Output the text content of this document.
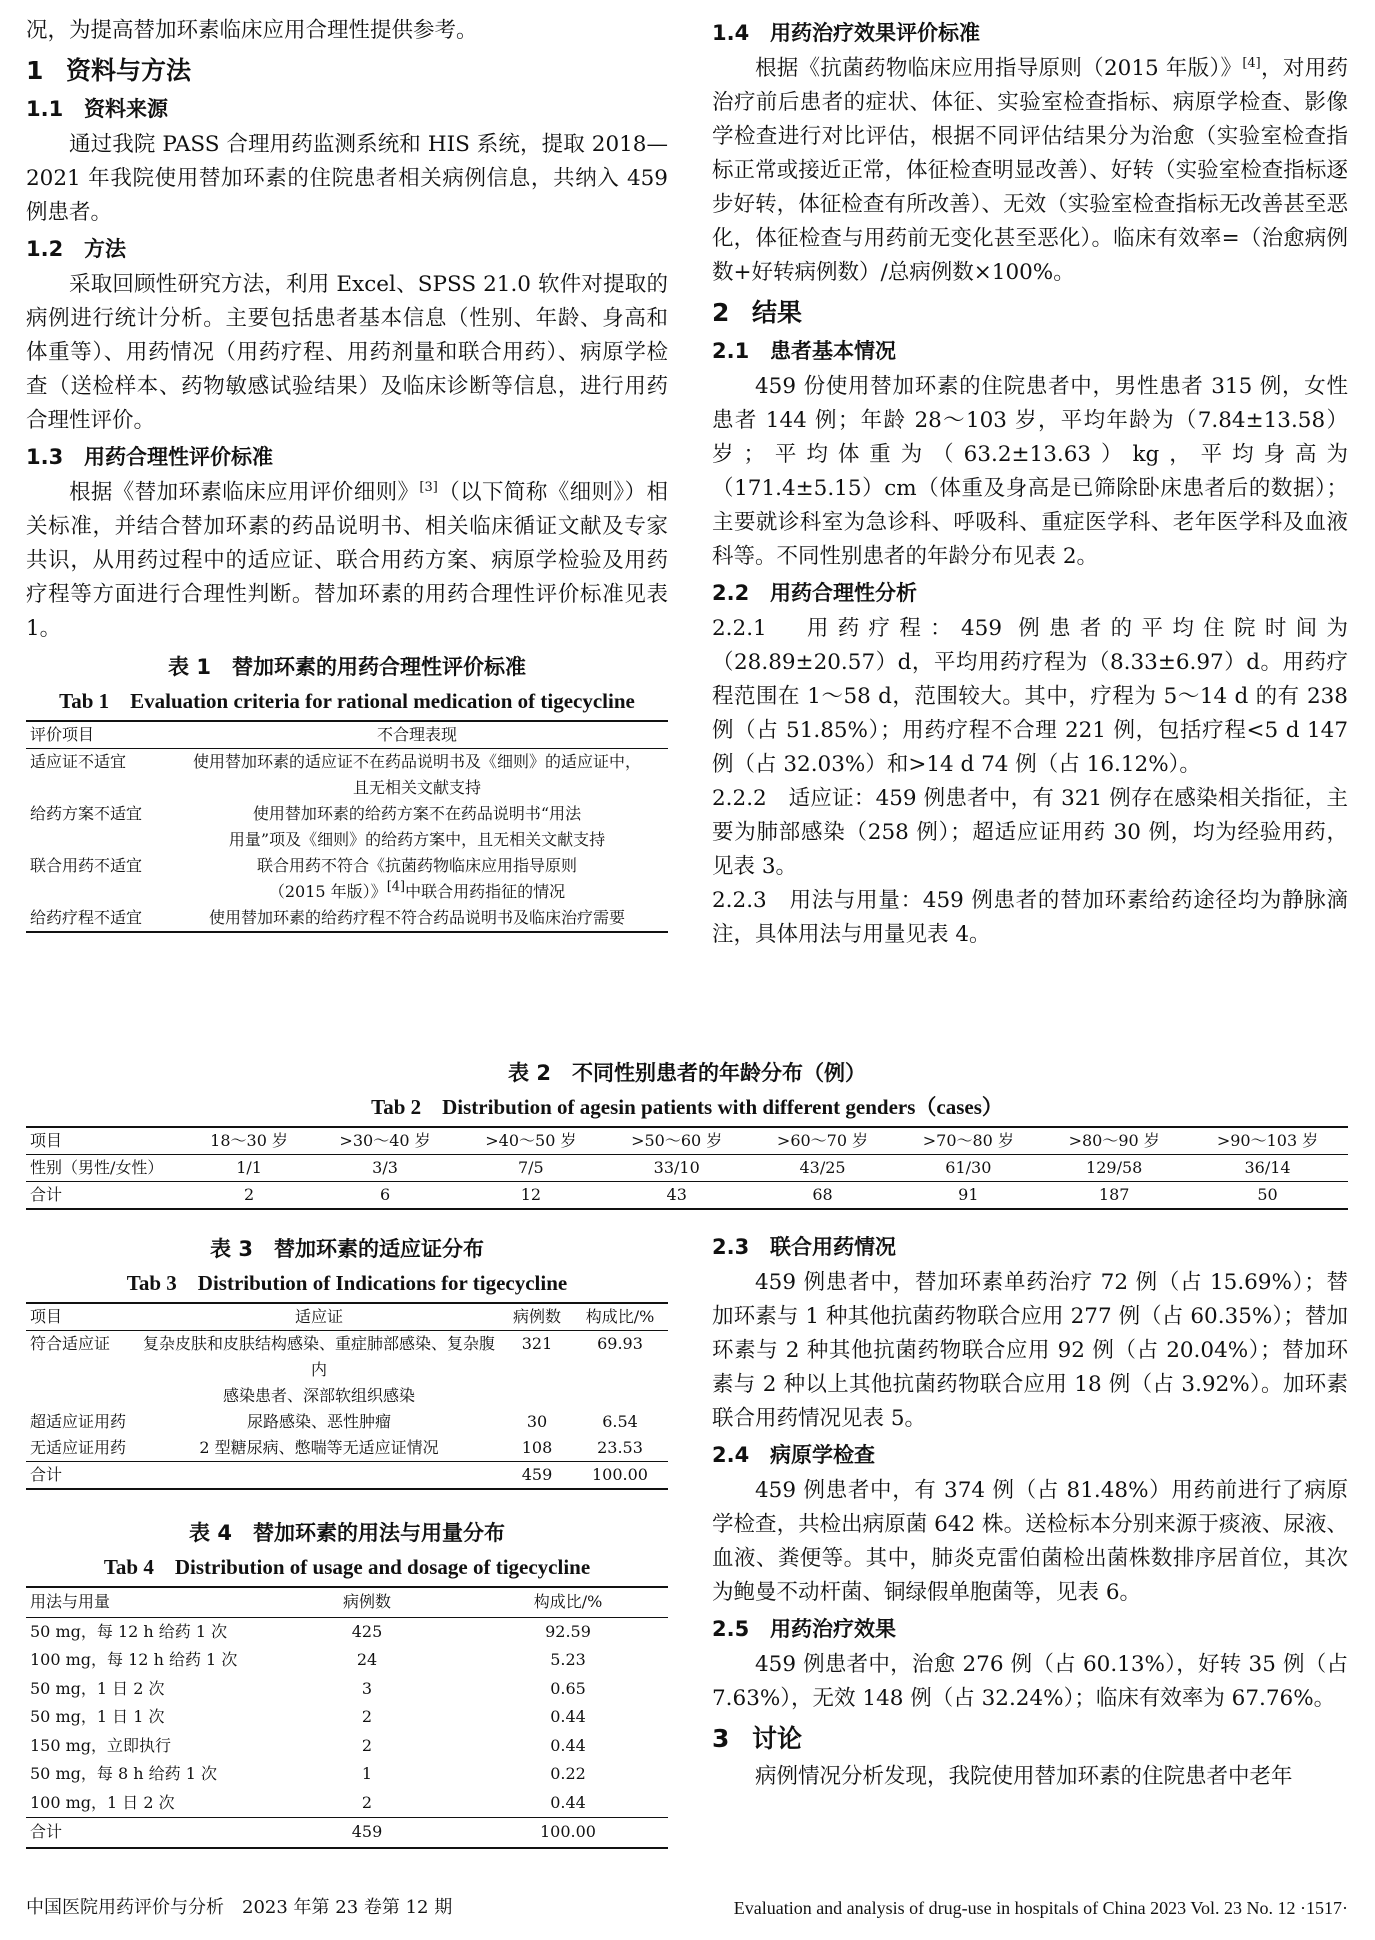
况，为提高替加环素临床应用合理性提供参考。

1 资料与方法
1.1 资料来源

通过我院 PASS 合理用药监测系统和 HIS 系统，提取 2018—2021 年我院使用替加环素的住院患者相关病例信息，共纳入 459 例患者。

1.2 方法

采取回顾性研究方法，利用 Excel、SPSS 21.0 软件对提取的病例进行统计分析。主要包括患者基本信息（性别、年龄、身高和体重等）、用药情况（用药疗程、用药剂量和联合用药）、病原学检查（送检样本、药物敏感试验结果）及临床诊断等信息，进行用药合理性评价。

1.3 用药合理性评价标准

根据《替加环素临床应用评价细则》[3]（以下简称《细则》）相关标准，并结合替加环素的药品说明书、相关临床循证文献及专家共识，从用药过程中的适应证、联合用药方案、病原学检验及用药疗程等方面进行合理性判断。替加环素的用药合理性评价标准见表 1。

表 1　替加环素的用药合理性评价标准
Tab 1　Evaluation criteria for rational medication of tigecycline
评价项目	不合理表现
适应证不适宜	使用替加环素的适应证不在药品说明书及《细则》的适应证中，
且无相关文献支持

给药方案不适宜	使用替加环素的给药方案不在药品说明书“用法
用量”项及《细则》的给药方案中，且无相关文献支持

联合用药不适宜	联合用药不符合《抗菌药物临床应用指导原则
（2015 年版）》[4]中联合用药指征的情况

给药疗程不适宜	使用替加环素的给药疗程不符合药品说明书及临床治疗需要
1.4 用药治疗效果评价标准

根据《抗菌药物临床应用指导原则（2015 年版）》[4]，对用药治疗前后患者的症状、体征、实验室检查指标、病原学检查、影像学检查进行对比评估，根据不同评估结果分为治愈（实验室检查指标正常或接近正常，体征检查明显改善）、好转（实验室检查指标逐步好转，体征检查有所改善）、无效（实验室检查指标无改善甚至恶化，体征检查与用药前无变化甚至恶化）。临床有效率=（治愈病例数+好转病例数）/总病例数×100%。

2 结果
2.1 患者基本情况

459 份使用替加环素的住院患者中，男性患者 315 例，女性患者 144 例；年龄 28～103 岁，平均年龄为（7.84±13.58）岁；平均体重为（63.2±13.63）kg，平均身高为（171.4±5.15）cm（体重及身高是已筛除卧床患者后的数据）；主要就诊科室为急诊科、呼吸科、重症医学科、老年医学科及血液科等。不同性别患者的年龄分布见表 2。

2.2 用药合理性分析

2.2.1　用药疗程：459 例患者的平均住院时间为（28.89±20.57）d，平均用药疗程为（8.33±6.97）d。用药疗程范围在 1～58 d，范围较大。其中，疗程为 5～14 d 的有 238 例（占 51.85%）；用药疗程不合理 221 例，包括疗程<5 d 147 例（占 32.03%）和>14 d 74 例（占 16.12%）。

2.2.2　适应证：459 例患者中，有 321 例存在感染相关指征，主要为肺部感染（258 例）；超适应证用药 30 例，均为经验用药，见表 3。

2.2.3　用法与用量：459 例患者的替加环素给药途径均为静脉滴注，具体用法与用量见表 4。

表 2　不同性别患者的年龄分布（例）
Tab 2　Distribution of agesin patients with different genders（cases）
项目	18～30 岁	>30～40 岁	>40～50 岁	>50～60 岁	>60～70 岁	>70～80 岁	>80～90 岁	>90～103 岁
性别（男性/女性）	1/1	3/3	7/5	33/10	43/25	61/30	129/58	36/14
合计	2	6	12	43	68	91	187	50
表 3　替加环素的适应证分布
Tab 3　Distribution of Indications for tigecycline
项目	适应证	病例数	构成比/%
符合适应证	复杂皮肤和皮肤结构感染、重症肺部感染、复杂腹内
感染患者、深部软组织感染	321	69.93
超适应证用药	尿路感染、恶性肿瘤	30	6.54
无适应证用药	2 型糖尿病、憋喘等无适应证情况	108	23.53
合计		459	100.00
表 4　替加环素的用法与用量分布
Tab 4　Distribution of usage and dosage of tigecycline
用法与用量	病例数	构成比/%
50 mg，每 12 h 给药 1 次	425	92.59
100 mg，每 12 h 给药 1 次	24	5.23
50 mg，1 日 2 次	3	0.65
50 mg，1 日 1 次	2	0.44
150 mg，立即执行	2	0.44
50 mg，每 8 h 给药 1 次	1	0.22
100 mg，1 日 2 次	2	0.44
合计	459	100.00
2.3 联合用药情况

459 例患者中，替加环素单药治疗 72 例（占 15.69%）；替加环素与 1 种其他抗菌药物联合应用 277 例（占 60.35%）；替加环素与 2 种其他抗菌药物联合应用 92 例（占 20.04%）；替加环素与 2 种以上其他抗菌药物联合应用 18 例（占 3.92%）。加环素联合用药情况见表 5。

2.4 病原学检查

459 例患者中，有 374 例（占 81.48%）用药前进行了病原学检查，共检出病原菌 642 株。送检标本分别来源于痰液、尿液、血液、粪便等。其中，肺炎克雷伯菌检出菌株数排序居首位，其次为鲍曼不动杆菌、铜绿假单胞菌等，见表 6。

2.5 用药治疗效果

459 例患者中，治愈 276 例（占 60.13%），好转 35 例（占 7.63%），无效 148 例（占 32.24%）；临床有效率为 67.76%。

3 讨论

病例情况分析发现，我院使用替加环素的住院患者中老年

中国医院用药评价与分析　2023 年第 23 卷第 12 期	Evaluation and analysis of drug-use in hospitals of China 2023 Vol. 23 No. 12 ·1517·
